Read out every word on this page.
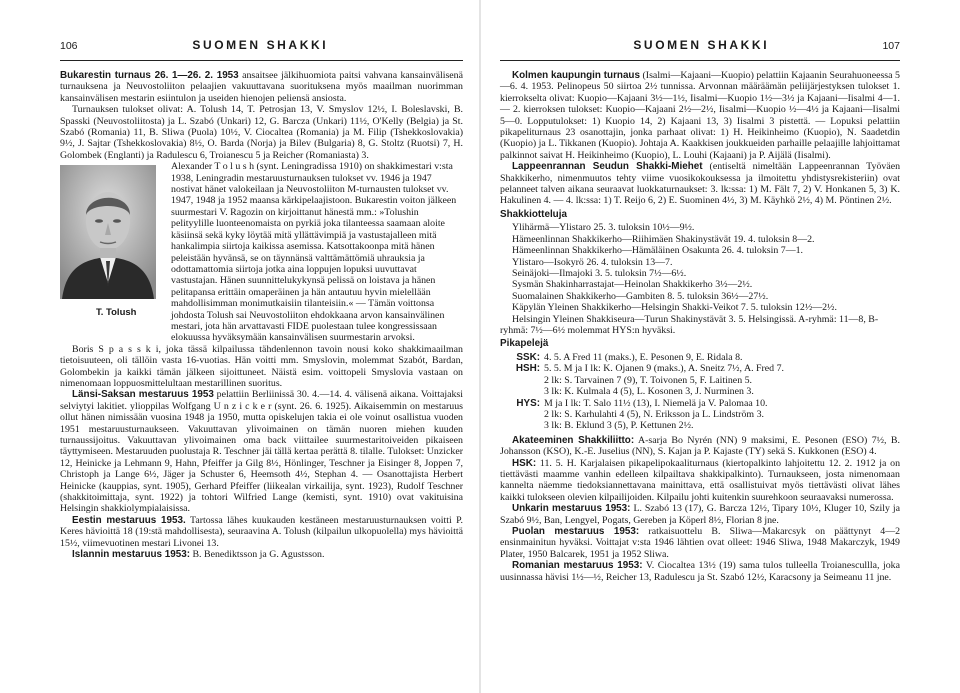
106	SUOMEN SHAKKI

Bukarestin turnaus 26. 1—26. 2. 1953 ansaitsee jälkihuomiota paitsi vahvana kansainvälisenä turnauksena ja Neuvostoliiton pelaajien vakuuttavana suorituksena myös maailman nuorimman kansainvälisen mestarin esiintulon ja useiden hienojen peliensä ansiosta.

Turnauksen tulokset olivat: A. Tolush 14, T. Petrosjan 13, V. Smyslov 12½, I. Boleslavski, B. Spasski (Neuvostoliitosta) ja L. Szabó (Unkari) 12, G. Barcza (Unkari) 11½, O'Kelly (Belgia) ja St. Szabó (Romania) 11, B. Sliwa (Puola) 10½, V. Ciocaltea (Romania) ja M. Filip (Tshekkoslovakia) 9½, J. Sajtar (Tshekkoslovakia) 8½, O. Barda (Norja) ja Bilev (Bulgaria) 8, G. Stoltz (Ruotsi) 7, H. Golombek (Englanti) ja Radulescu 6, Troianescu 5 ja Reicher (Romaniasta) 3.

T. Tolush

Alexander T o l u s h (synt. Leningradissa 1910) on shakkimestari v:sta 1938, Leningradin mestaruusturnauksen tulokset vv. 1946 ja 1947 nostivat hänet valokeilaan ja Neuvostoliiton M-turnausten tulokset vv. 1947, 1948 ja 1952 maansa kärkipelaajistoon. Bukarestin voiton jälkeen suurmestari V. Ragozin on kirjoittanut hänestä mm.: »Tolushin pelityylille luonteenomaista on pyrkiä joka tilanteessa saamaan aloite käsiinsä sekä kyky löytää mitä yllättävimpiä ja vastustajalleen mitä hankalimpia siirtoja kaikissa asemissa. Katsottakoonpa mitä hänen peleistään hyvänsä, se on täynnänsä valttämättömiä uhrauksia ja odottamattomia siirtoja jotka aina loppujen lopuksi uuvuttavat vastustajan. Hänen suunnittelukykynsä pelissä on loistava ja hänen pelitapansa erittäin omaperäinen ja hän antautuu hyvin mielellään mahdollisimman monimutkaisiin tilanteisiin.« — Tämän voittonsa johdosta Tolush sai Neuvostoliiton ehdokkaana arvon kansainvälinen mestari, jota hän arvattavasti FIDE puolestaan tulee kongressissaan elokuussa hyväksymään kansainvälisen suurmestarin arvoksi.

Boris S p a s s k i, joka tässä kilpailussa tähdenlennon tavoin nousi koko shakkimaailman tietoisuuteen, oli tällöin vasta 16-vuotias. Hän voitti mm. Smyslovin, molemmat Szabót, Bardan, Golombekin ja kaikki tämän jälkeen sijoittuneet. Näistä esim. voittopeli Smyslovia vastaan on nimenomaan loppuosmittelultaan mestarillinen suoritus.

Länsi-Saksan mestaruus 1953 pelattiin Berliinissä 30. 4.—14. 4. välisenä aikana. Voittajaksi selviytyi lakitiet. ylioppilas Wolfgang U n z i c k e r (synt. 26. 6. 1925). Aikaisemmin on mestaruus ollut hänen nimissään vuosina 1948 ja 1950, mutta opiskelujen takia ei ole voinut osallistua vuoden 1951 mestaruusturnaukseen. Vakuuttavan ylivoimainen on tämän nuoren miehen kuuden turnaussijoitus. Vakuuttavan ylivoimainen oma back viittailee suurmestaritoiveiden pikaiseen täyttymiseen. Mestaruuden puolustaja R. Teschner jäi tällä kertaa perättä 8. tilalle. Tulokset: Unzicker 12, Heinicke ja Lehmann 9, Hahn, Pfeiffer ja Gilg 8½, Hönlinger, Teschner ja Eisinger 8, Joppen 7, Christoph ja Lange 6½, Jäger ja Schuster 6, Heemsoth 4½, Stephan 4. — Osanottajista Herbert Heinicke (kauppias, synt. 1905), Gerhard Pfeiffer (liikealan virkailija, synt. 1923), Rudolf Teschner (shakkitoimittaja, synt. 1922) ja tohtori Wilfried Lange (kemisti, synt. 1910) ovat vakituisina Helsingin shakkiolympialaisissa.

Eestin mestaruus 1953. Tartossa lähes kuukauden kestäneen mestaruusturnauksen voitti P. Keres hävioittä 18 (19:stä mahdollisesta), seuraavina A. Tolush (kilpailun ulkopuolella) mys hävioittä 15½, viimevuotinen mestari Livonei 13.

Islannin mestaruus 1953: B. Benediktsson ja G. Agustsson.

SUOMEN SHAKKI	107

Kolmen kaupungin turnaus (Isalmi—Kajaani—Kuopio) pelattiin Kajaanin Seurahuoneessa 5—6. 4. 1953. Pelinopeus 50 siirtoa 2½ tunnissa. Arvonnan määräämän peliijärjestyksen tulokset 1. kierrokselta olivat: Kuopio—Kajaani 3½—1½, Iisalmi—Kuopio 1½—3½ ja Kajaani—Iisalmi 4—1. — 2. kierroksen tulokset: Kuopio—Kajaani 2½—2½, Iisalmi—Kuopio ½—4½ ja Kajaani—Iisalmi 5—0. Lopputulokset: 1) Kuopio 14, 2) Kajaani 13, 3) Iisalmi 3 pistettä. — Lopuksi pelattiin pikapeliturnaus 23 osanottajin, jonka parhaat olivat: 1) H. Heikinheimo (Kuopio), N. Saadetdin (Kuopio) ja L. Tikkanen (Kuopio). Johtaja A. Kaakkisen joukkueiden parhaille pelaajille lahjoittamat palkinnot saivat H. Heikinheimo (Kuopio), L. Louhi (Kajaani) ja P. Aijälä (Iisalmi).

Lappeenrannan Seudun Shakki-Miehet (entiseltä nimeltään Lappeenrannan Työväen Shakkikerho, nimenmuutos tehty viime vuosikokouksessa ja ilmoitettu yhdistysrekisteriin) ovat pelanneet talven aikana seuraavat luokkaturnaukset: 3. lk:ssa: 1) M. Fält 7, 2) V. Honkanen 5, 3) K. Hakulinen 4. — 4. lk:ssa: 1) T. Reijo 6, 2) E. Suominen 4½, 3) M. Käyhkö 2½, 4) M. Pöntinen 2½.

Shakkiotteluja

Ylihärmä—Ylistaro 25. 3. tuloksin 10½—9½.

Hämeenlinnan Shakkikerho—Riihimäen Shakinystävät 19. 4. tuloksin 8—2.

Hämeenlinnan Shakkikerho—Hämäläinen Osakunta 26. 4. tuloksin 7—1.

Ylistaro—Isokyrö 26. 4. tuloksin 13—7.

Seinäjoki—Ilmajoki 3. 5. tuloksin 7½—6½.

Sysmän Shakinharrastajat—Heinolan Shakkikerho 3½—2½.

Suomalainen Shakkikerho—Gambiten 8. 5. tuloksin 36½—27½.

Käpylän Yleinen Shakkikerho—Helsingin Shakki-Veikot 7. 5. tuloksin 12½—2½.

Helsingin Yleinen Shakkiseura—Turun Shakinystävät 3. 5. Helsingissä. A-ryhmä: 11—8, B-ryhmä: 7½—6½ molemmat HYS:n hyväksi.

Pikapelejä

SSK: 4. 5. A Fred 11 (maks.), E. Pesonen 9, E. Ridala 8.

HSH: 5. 5. M ja I lk: K. Ojanen 9 (maks.), A. Sneitz 7½, A. Fred 7.

2 lk: S. Tarvainen 7 (9), T. Toivonen 5, F. Laitinen 5.

3 lk: K. Kulmala 4 (5), L. Kosonen 3, J. Nurminen 3.

HYS: M ja I lk: T. Salo 11½ (13), I. Niemelä ja V. Palomaa 10.

2 lk: S. Karhulahti 4 (5), N. Eriksson ja L. Lindström 3.

3 lk: B. Eklund 3 (5), P. Kettunen 2½.

Akateeminen Shakkiliitto: A-sarja Bo Nyrén (NN) 9 maksimi, E. Pesonen (ESO) 7½, B. Johansson (KSO), K.-E. Juselius (NN), S. Kajan ja P. Kajaste (TY) sekä S. Kukkonen (ESO) 4.

HSK: 11. 5. H. Karjalaisen pikapelipokaaliturnaus (kiertopalkinto lahjoitettu 12. 2. 1912 ja on tiettävästi maamme vanhin edelleen kilpailtava shakkipalkinto). Turnaukseen, josta nimenomaan kannelta näemme tiedoksiannettavana mainittava, että osallistuivat myös tiettävästi olivat lähes kaikki tulokseen olevien kilpailijoiden. Kilpailu johti kuitenkin suurehkoon seuraavaksi numerossa.

Unkarin mestaruus 1953: L. Szabó 13 (17), G. Barcza 12½, Tipary 10½, Kluger 10, Szily ja Szabó 9½, Ban, Lengyel, Pogats, Gereben ja Köperl 8½, Florian 8 jne.

Puolan mestaruus 1953: ratkaisuottelu B. Sliwa—Makarcsyk on päättynyt 4—2 ensinmainitun hyväksi. Voittajat v:sta 1946 lähtien ovat olleet: 1946 Sliwa, 1948 Makarczyk, 1949 Plater, 1950 Balcarek, 1951 ja 1952 Sliwa.

Romanian mestaruus 1953: V. Ciocaltea 13½ (19) sama tulos tulleella Troianescullla, joka uusinnassa hävisi 1½—½, Reicher 13, Radulescu ja St. Szabó 12½, Karacsony ja Seimeanu 11 jne.
